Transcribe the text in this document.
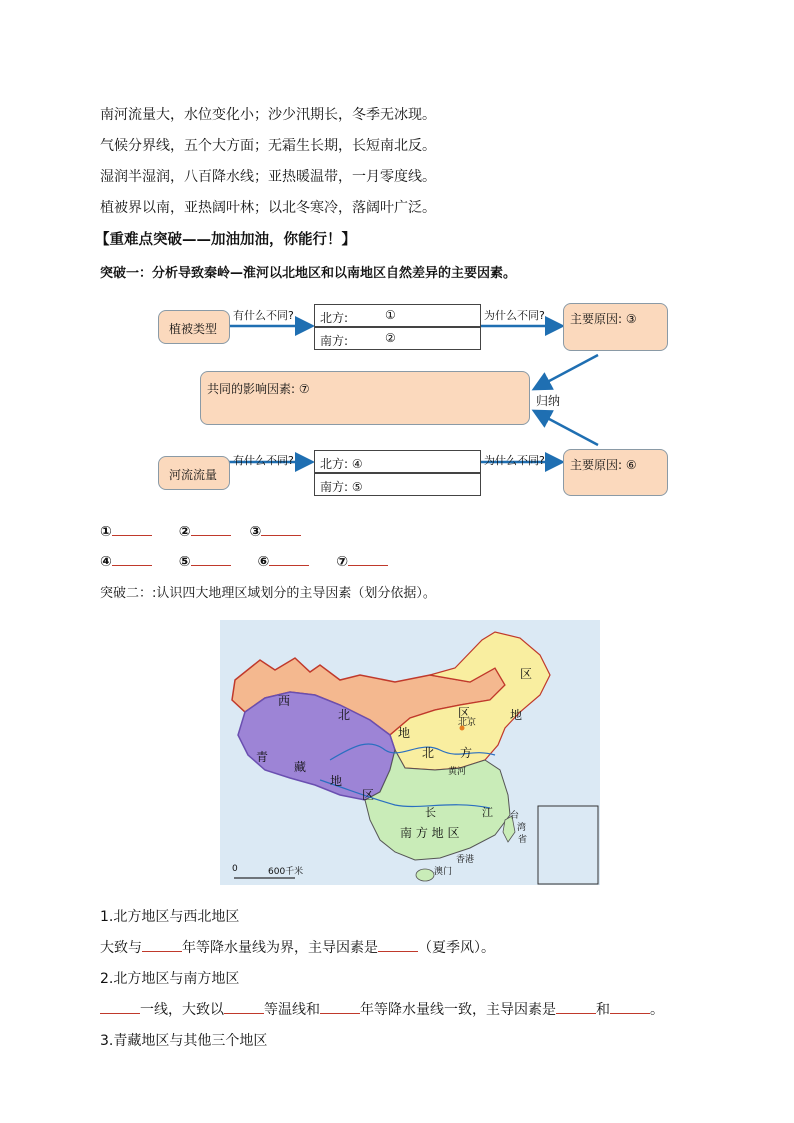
南河流量大，水位变化小；沙少汛期长，冬季无冰现。
气候分界线，五个大方面；无霜生长期，长短南北反。
湿润半湿润，八百降水线；亚热暖温带，一月零度线。
植被界以南，亚热阔叶林；以北冬寒冷，落阔叶广泛。
【重难点突破——加油加油，你能行！】
突破一：分析导致秦岭—淮河以北地区和以南地区自然差异的主要因素。
植被类型
有什么不同? 北方:	①
南方:	②
为什么不同? 主要原因: ③
共同的影响因素: ⑦
归纳
河流流量
有什么不同? 北方: ④
南方: ⑤
为什么不同? 主要原因: ⑥
①	②	③
④	⑤	⑥	⑦
突破二：:认识四大地理区域划分的主导因素（划分依据）。
西
北
地
区	地
区
北京
青
藏
地
区
北 方
黄河
长	江
南 方 地 区
台
湾
省
香港
澳门
0	600千米
1.北方地区与西北地区
大致与	年等降水量线为界，主导因素是	（夏季风）。
2.北方地区与南方地区
一线，大致以	等温线和	年等降水量线一致，主导因素是	和	。
3.青藏地区与其他三个地区
